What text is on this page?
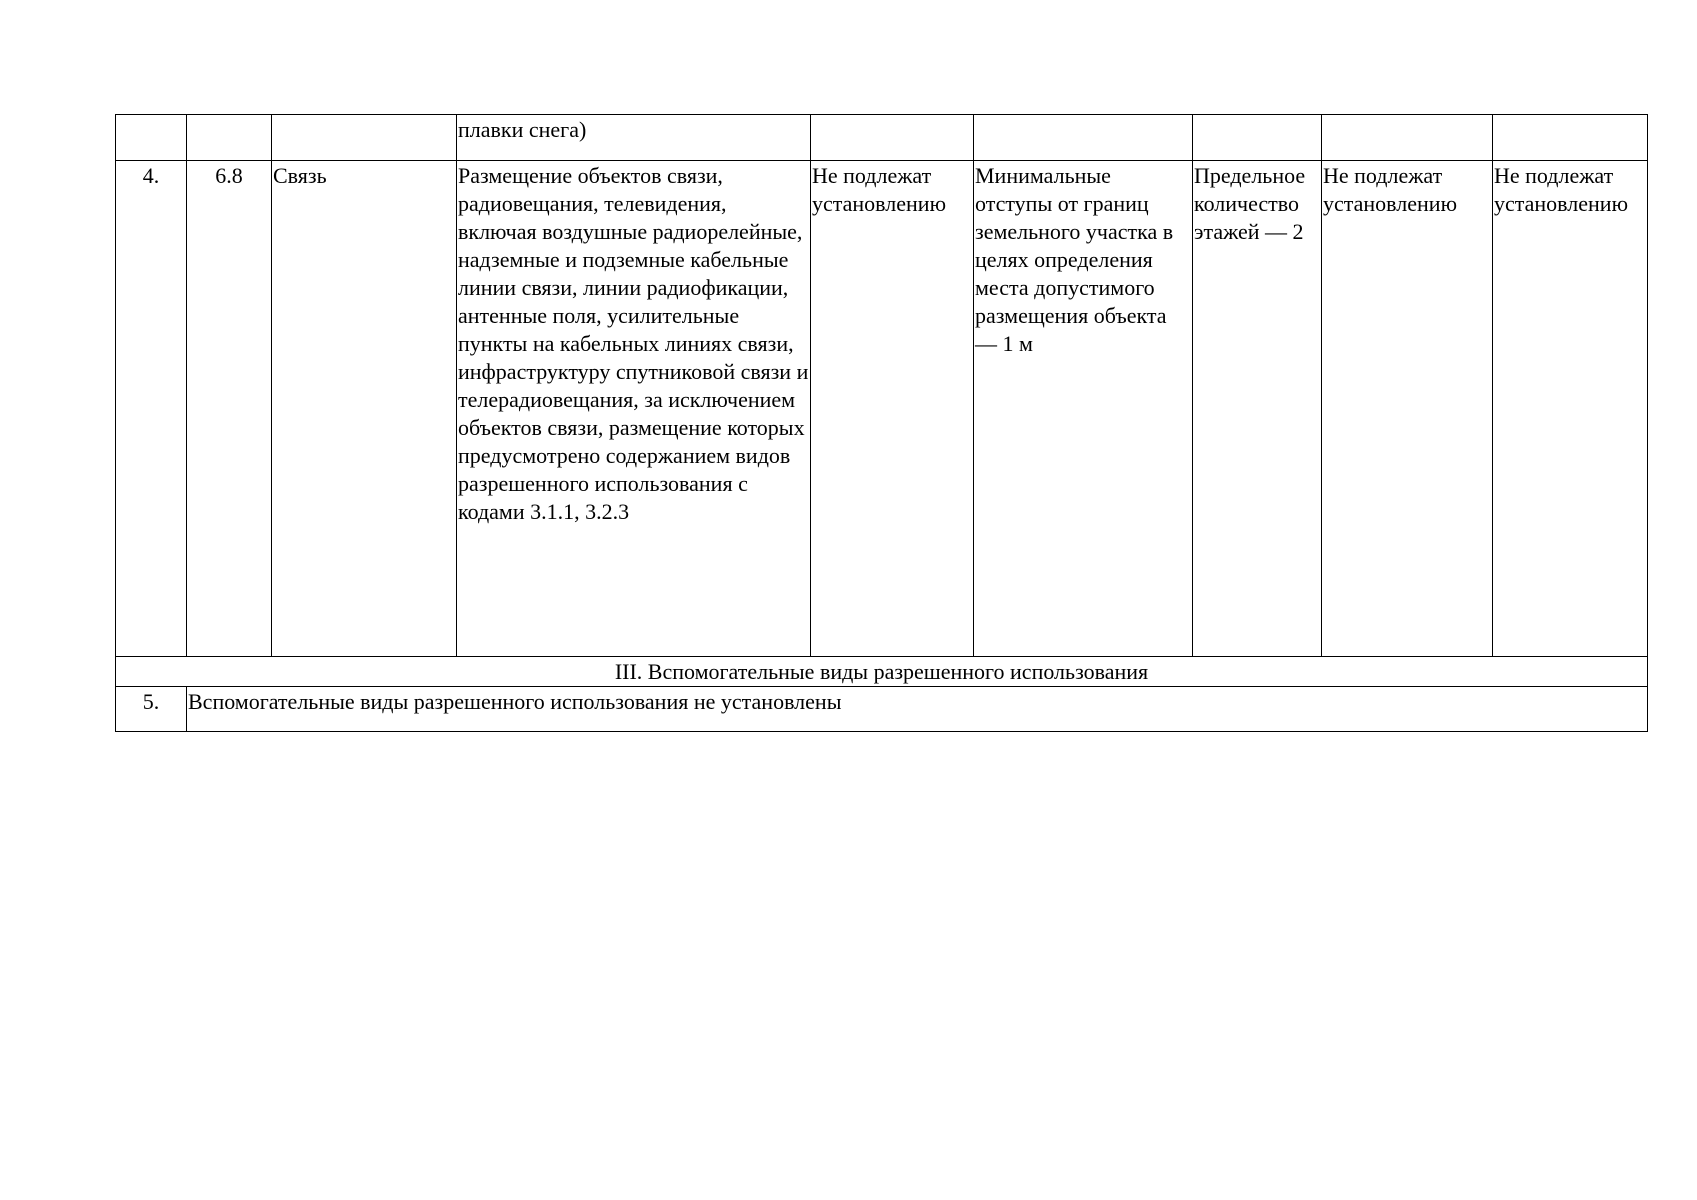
			плавки снега)					
4.	6.8	Связь	Размещение объектов связи, радиовещания, телевидения, включая воздушные радиорелейные, надземные и подземные кабельные линии связи, линии радиофикации, антенные поля, усилительные пункты на кабельных линиях связи, инфраструктуру спутниковой связи и телерадиовещания, за исключением объектов связи, размещение которых предусмотрено содержанием видов разрешенного использования с кодами 3.1.1, 3.2.3	Не подлежат установлению	Минимальные отступы от границ земельного участка в целях определения места допустимого размещения объекта — 1 м	Предельное количество этажей — 2	Не подлежат установлению	Не подлежат установлению
III. Вспомогательные виды разрешенного использования								
5.	Вспомогательные виды разрешенного использования не установлены							
